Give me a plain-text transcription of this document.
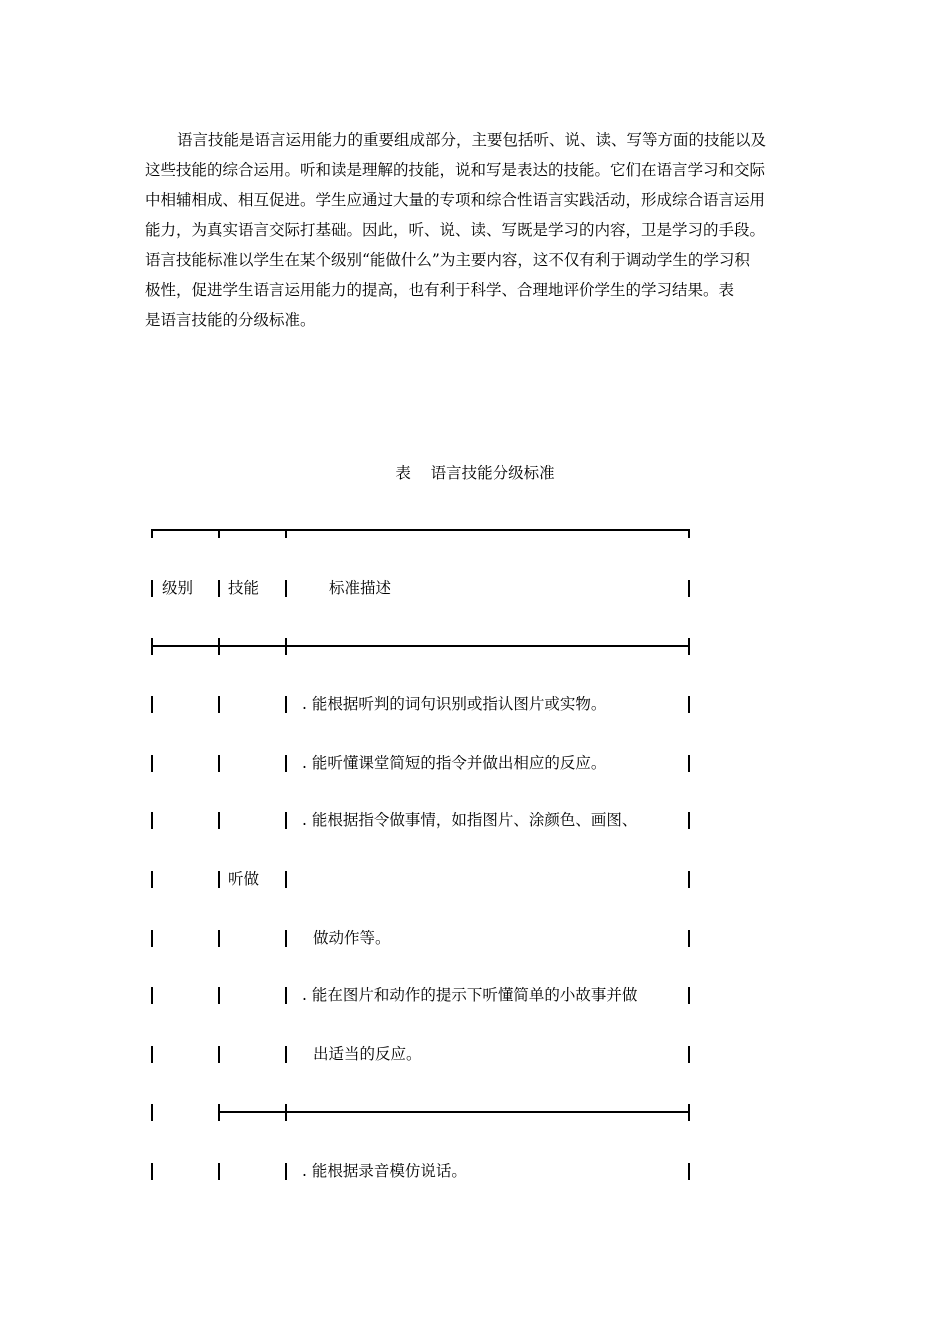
语言技能是语言运用能力的重要组成部分，主要包括听、说、读、写等方面的技能以及
这些技能的综合运用。听和读是理解的技能，说和写是表达的技能。它们在语言学习和交际
中相辅相成、相互促进。学生应通过大量的专项和综合性语言实践活动，形成综合语言运用
能力，为真实语言交际打基础。因此，听、说、读、写既是学习的内容，卫是学习的手段。
语言技能标准以学生在某个级别“能做什么”为主要内容，这不仅有利于调动学生的学习积
极性，促进学生语言运用能力的提高，也有利于科学、合理地评价学生的学习结果。表
是语言技能的分级标准。
表    语言技能分级标准
级别 技能	标准描述
. 能根据听判的词句识别或指认图片或实物。
. 能听懂课堂简短的指令并做出相应的反应。
. 能根据指令做事情，如指图片、涂颜色、画图、
听做
做动作等。
. 能在图片和动作的提示下听懂简单的小故事并做
出适当的反应。
. 能根据录音模仿说话。
